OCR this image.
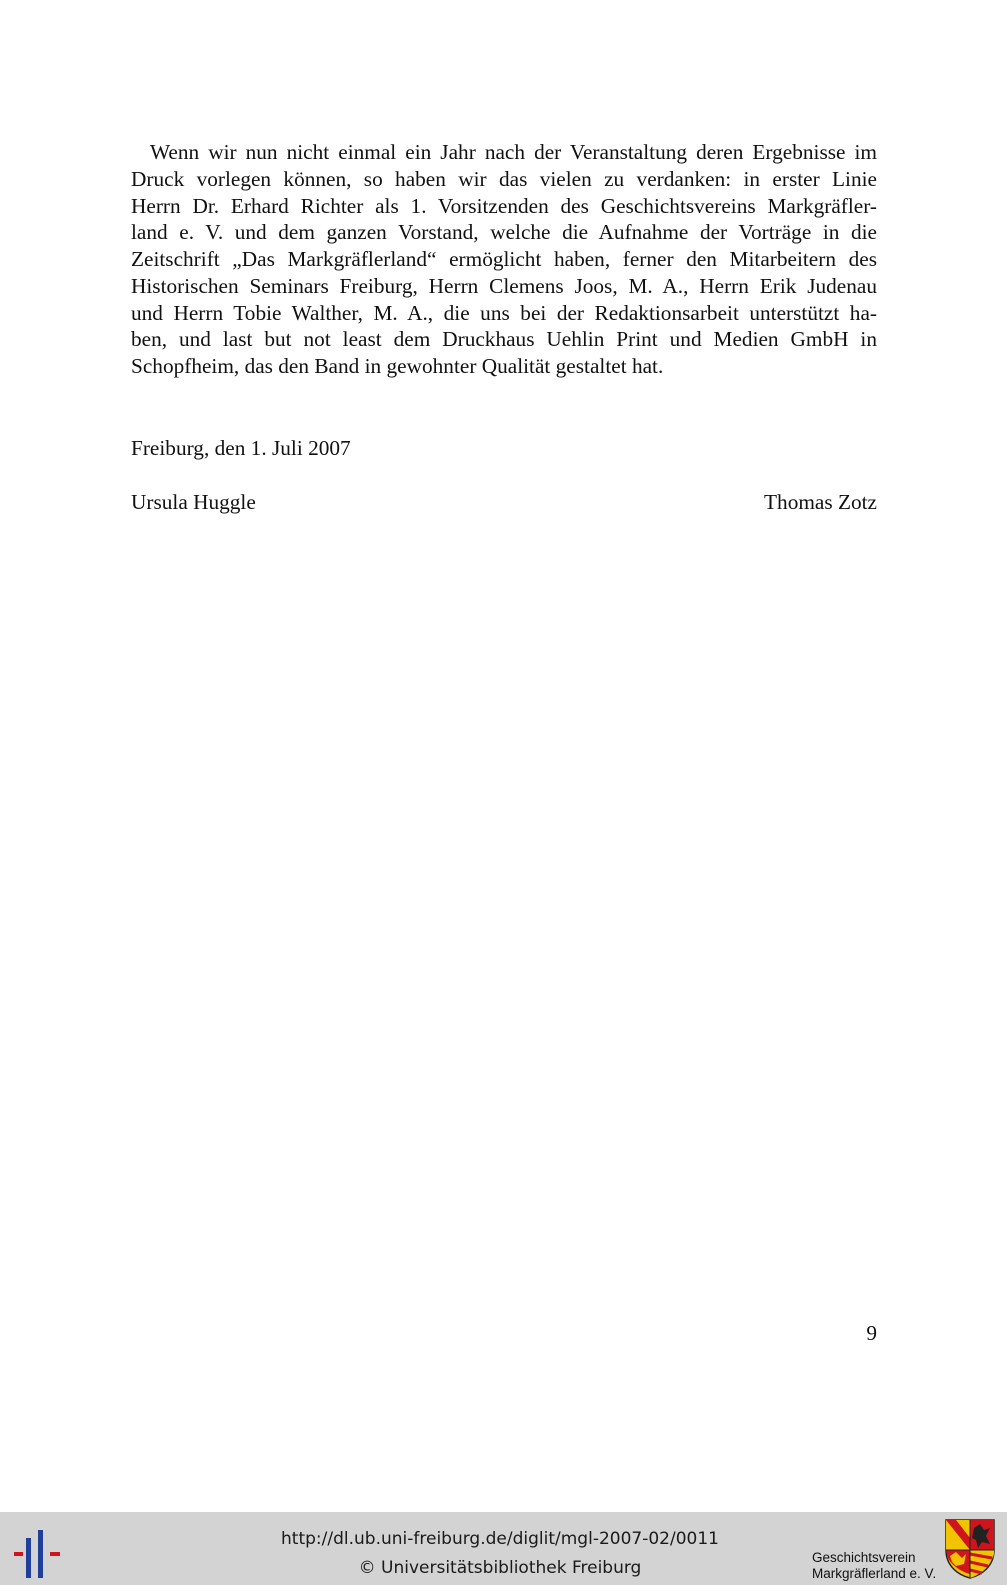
Wenn wir nun nicht einmal ein Jahr nach der Veranstaltung deren Ergebnisse im
Druck vorlegen können, so haben wir das vielen zu verdanken: in erster Linie
Herrn Dr. Erhard Richter als 1. Vorsitzenden des Geschichtsvereins Markgräfler-
land e. V. und dem ganzen Vorstand, welche die Aufnahme der Vorträge in die
Zeitschrift „Das Markgräflerland“ ermöglicht haben, ferner den Mitarbeitern des
Historischen Seminars Freiburg, Herrn Clemens Joos, M. A., Herrn Erik Judenau
und Herrn Tobie Walther, M. A., die uns bei der Redaktionsarbeit unterstützt ha-
ben, und last but not least dem Druckhaus Uehlin Print und Medien GmbH in
Schopfheim, das den Band in gewohnter Qualität gestaltet hat.
Freiburg, den 1. Juli 2007
Ursula Huggle	Thomas Zotz
9
http://dl.ub.uni-freiburg.de/diglit/mgl-2007-02/0011
© Universitätsbibliothek Freiburg
Geschichtsverein
Markgräflerland e. V.
